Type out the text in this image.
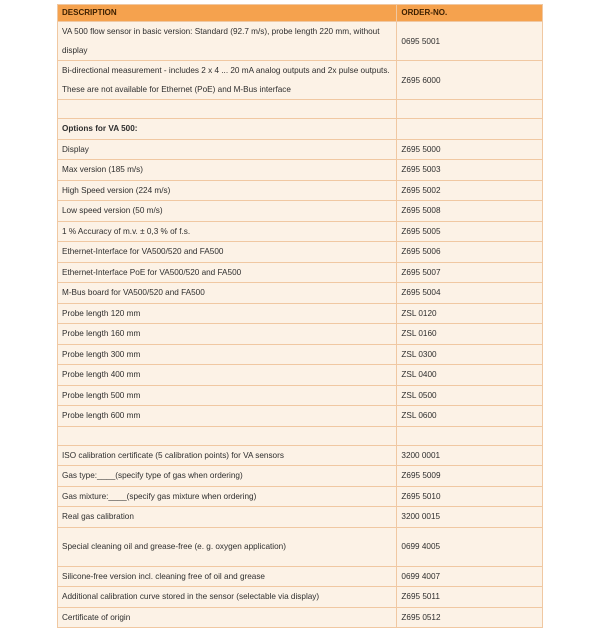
DESCRIPTION	ORDER-NO.
VA 500 flow sensor in basic version: Standard (92.7 m/s), probe length 220 mm, without display	0695 5001
Bi-directional measurement - includes 2 x 4 ... 20 mA analog outputs and 2x pulse outputs. These are not available for Ethernet (PoE) and M-Bus interface	Z695 6000

Options for VA 500:	
Display	Z695 5000
Max version (185 m/s)	Z695 5003
High Speed version (224 m/s)	Z695 5002
Low speed version (50 m/s)	Z695 5008
1 % Accuracy of m.v. ± 0,3 % of f.s.	Z695 5005
Ethernet-Interface for VA500/520 and FA500	Z695 5006
Ethernet-Interface PoE for VA500/520 and FA500	Z695 5007
M-Bus board for VA500/520 and FA500	Z695 5004
Probe length 120 mm	ZSL 0120
Probe length 160 mm	ZSL 0160
Probe length 300 mm	ZSL 0300
Probe length 400 mm	ZSL 0400
Probe length 500 mm	ZSL 0500
Probe length 600 mm	ZSL 0600

ISO calibration certificate (5 calibration points) for VA sensors	3200 0001
Gas type:____(specify type of gas when ordering)	Z695 5009
Gas mixture:____(specify gas mixture when ordering)	Z695 5010
Real gas calibration	3200 0015
Special cleaning oil and grease-free (e. g. oxygen application)	0699 4005
Silicone-free version incl. cleaning free of oil and grease	0699 4007
Additional calibration curve stored in the sensor (selectable via display)	Z695 5011
Certificate of origin	Z695 0512
